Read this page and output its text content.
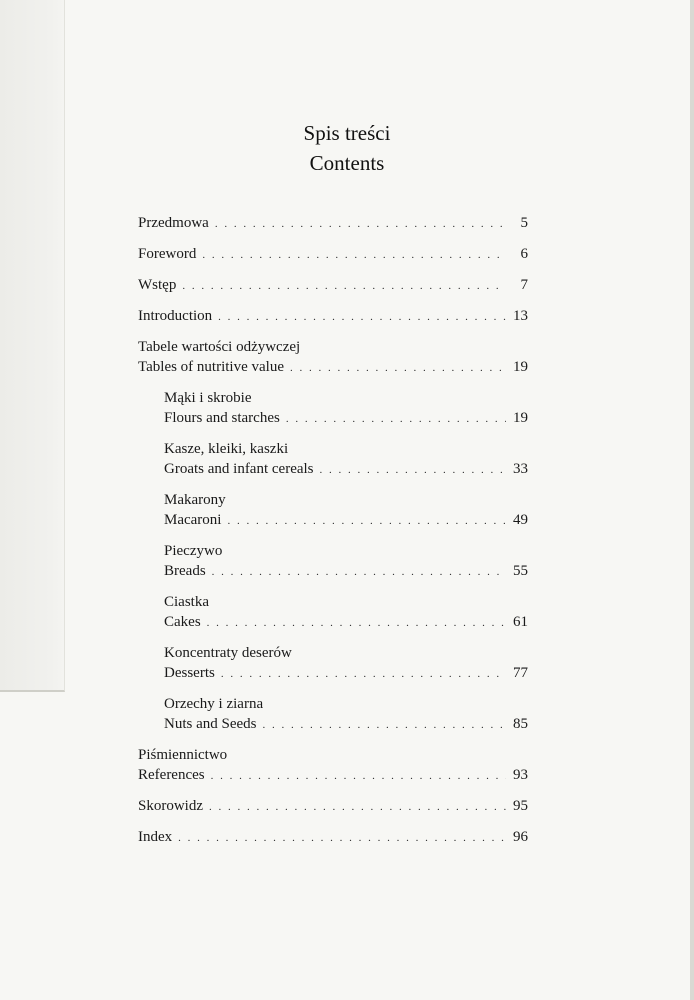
Spis treści
Contents
Przedmowa . . .	5
Foreword . . .	6
Wstęp . . .	7
Introduction . . .	13
Tabele wartości odżywczej
Tables of nutritive value . . .	19
Mąki i skrobie
Flours and starches . . .	19
Kasze, kleiki, kaszki
Groats and infant cereals . . .	33
Makarony
Macaroni . . .	49
Pieczywo
Breads . . .	55
Ciastka
Cakes . . .	61
Koncentraty deserów
Desserts . . .	77
Orzechy i ziarna
Nuts and Seeds . . .	85
Piśmiennictwo
References . . .	93
Skorowidz . . .	95
Index . . .	96
